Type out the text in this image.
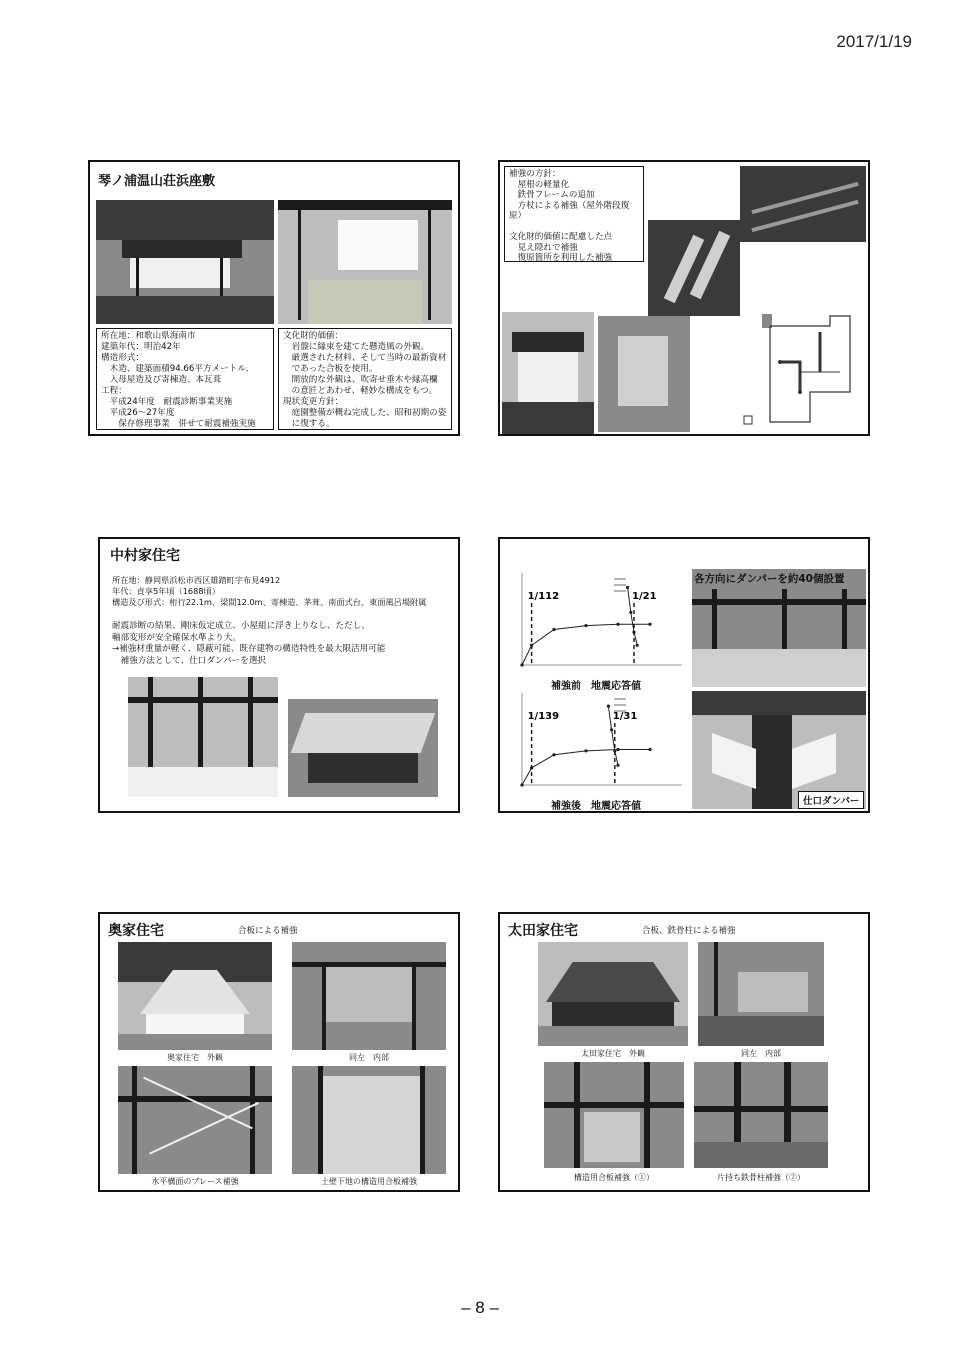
2017/1/19
琴ノ浦温山荘浜座敷
所在地：和歌山県海南市
建築年代：明治42年
構造形式：
　木造、建築面積94.66平方メートル、
　入母屋造及び寄棟造、本瓦葺
工程：
　平成24年度　耐震診断事業実施
　平成26～27年度
　　保存修理事業　併せて耐震補強実施
文化財的価値：
　岩盤に縁束を建てた懸造風の外観。
　厳選された材料、そして当時の最新資材
　であった合板を使用。
　開放的な外観は、吹寄せ垂木や縁高欄
　の意匠とあわせ、軽妙な構成をもつ。
現状変更方針：
　庭園整備が概ね完成した、昭和初期の姿
　に復する。
補強の方針：
　屋根の軽量化
　鉄骨フレームの追加
　方杖による補強（屋外階段復原）

文化財的価値に配慮した点
　見え隠れで補強
　復原箇所を利用した補強
中村家住宅
所在地：静岡県浜松市西区雄踏町宇布見4912
年代：貞享5年頃（1688頃）
構造及び形式：桁行22.1m、梁間12.0m、寄棟造、茅葺、南面式台、東面風呂場附属
耐震診断の結果、剛床仮定成立、小屋組に浮き上りなし、ただし、
軸部変形が安全確保水準より大。
→補強材重量が軽く、隠蔽可能、既存建物の構造特性を最大限活用可能
　補強方法として、仕口ダンパーを選択
1/112	1/21
補強前　地震応答値
1/139	1/31
補強後　地震応答値
各方向にダンパーを約40個設置
仕口ダンパー
奥家住宅	合板による補強
奥家住宅　外観	同左　内部
水平構面のブレース補強	土壁下地の構造用合板補強
太田家住宅	合板、鉄骨柱による補強
太田家住宅　外観	同左　内部
構造用合板補強（①）	片持ち鉄骨柱補強（②）
– 8 –
